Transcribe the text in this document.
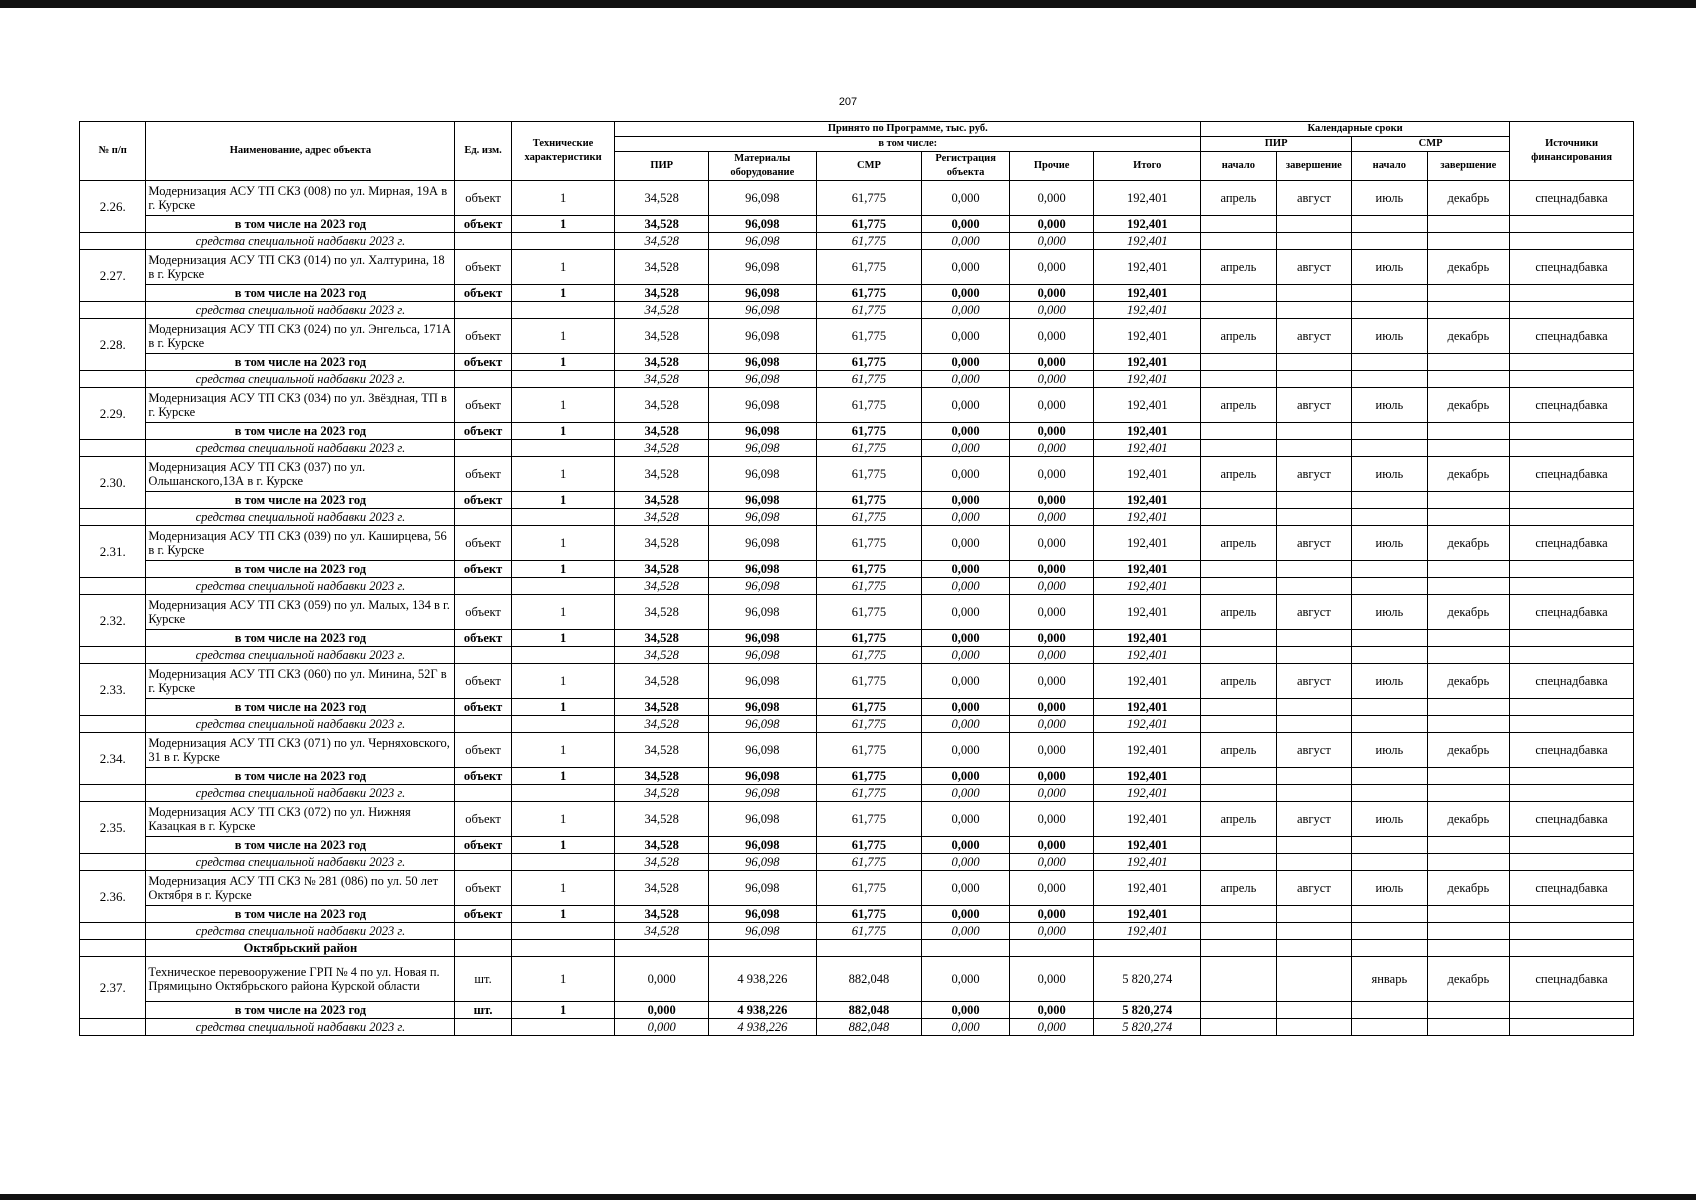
207
№ п/п	Наименование, адрес объекта	Ед. изм.	Технические характеристики	Принято по Программе, тыс. руб.						Календарные сроки				Источники финансирования
				в том числе:						ПИР		СМР		
				ПИР	Материалы оборудование	СМР	Регистрация объекта	Прочие	Итого	начало	завершение	начало	завершение	
2.26.	Модернизация АСУ ТП СКЗ (008) по ул. Мирная, 19А в г. Курске	объект	1	34,528	96,098	61,775	0,000	0,000	192,401	апрель	август	июль	декабрь	спецнадбавка
	в том числе на 2023 год	объект	1	34,528	96,098	61,775	0,000	0,000	192,401					
	средства специальной надбавки 2023 г.			34,528	96,098	61,775	0,000	0,000	192,401					
2.27.	Модернизация АСУ ТП СКЗ (014) по ул. Халтурина, 18 в г. Курске	объект	1	34,528	96,098	61,775	0,000	0,000	192,401	апрель	август	июль	декабрь	спецнадбавка
	в том числе на 2023 год	объект	1	34,528	96,098	61,775	0,000	0,000	192,401					
	средства специальной надбавки 2023 г.			34,528	96,098	61,775	0,000	0,000	192,401					
2.28.	Модернизация АСУ ТП СКЗ (024) по ул. Энгельса, 171А в г. Курске	объект	1	34,528	96,098	61,775	0,000	0,000	192,401	апрель	август	июль	декабрь	спецнадбавка
	в том числе на 2023 год	объект	1	34,528	96,098	61,775	0,000	0,000	192,401					
	средства специальной надбавки 2023 г.			34,528	96,098	61,775	0,000	0,000	192,401					
2.29.	Модернизация АСУ ТП СКЗ (034) по ул. Звёздная, ТП в г. Курске	объект	1	34,528	96,098	61,775	0,000	0,000	192,401	апрель	август	июль	декабрь	спецнадбавка
	в том числе на 2023 год	объект	1	34,528	96,098	61,775	0,000	0,000	192,401					
	средства специальной надбавки 2023 г.			34,528	96,098	61,775	0,000	0,000	192,401					
2.30.	Модернизация АСУ ТП СКЗ (037) по ул. Ольшанского,13А в г. Курске	объект	1	34,528	96,098	61,775	0,000	0,000	192,401	апрель	август	июль	декабрь	спецнадбавка
	в том числе на 2023 год	объект	1	34,528	96,098	61,775	0,000	0,000	192,401					
	средства специальной надбавки 2023 г.			34,528	96,098	61,775	0,000	0,000	192,401					
2.31.	Модернизация АСУ ТП СКЗ (039) по ул. Каширцева, 56 в г. Курске	объект	1	34,528	96,098	61,775	0,000	0,000	192,401	апрель	август	июль	декабрь	спецнадбавка
	в том числе на 2023 год	объект	1	34,528	96,098	61,775	0,000	0,000	192,401					
	средства специальной надбавки 2023 г.			34,528	96,098	61,775	0,000	0,000	192,401					
2.32.	Модернизация АСУ ТП СКЗ (059) по ул. Малых, 134 в г. Курске	объект	1	34,528	96,098	61,775	0,000	0,000	192,401	апрель	август	июль	декабрь	спецнадбавка
	в том числе на 2023 год	объект	1	34,528	96,098	61,775	0,000	0,000	192,401					
	средства специальной надбавки 2023 г.			34,528	96,098	61,775	0,000	0,000	192,401					
2.33.	Модернизация АСУ ТП СКЗ (060) по ул. Минина, 52Г в г. Курске	объект	1	34,528	96,098	61,775	0,000	0,000	192,401	апрель	август	июль	декабрь	спецнадбавка
	в том числе на 2023 год	объект	1	34,528	96,098	61,775	0,000	0,000	192,401					
	средства специальной надбавки 2023 г.			34,528	96,098	61,775	0,000	0,000	192,401					
2.34.	Модернизация АСУ ТП СКЗ (071) по ул. Черняховского, 31 в г. Курске	объект	1	34,528	96,098	61,775	0,000	0,000	192,401	апрель	август	июль	декабрь	спецнадбавка
	в том числе на 2023 год	объект	1	34,528	96,098	61,775	0,000	0,000	192,401					
	средства специальной надбавки 2023 г.			34,528	96,098	61,775	0,000	0,000	192,401					
2.35.	Модернизация АСУ ТП СКЗ (072) по ул. Нижняя Казацкая в г. Курске	объект	1	34,528	96,098	61,775	0,000	0,000	192,401	апрель	август	июль	декабрь	спецнадбавка
	в том числе на 2023 год	объект	1	34,528	96,098	61,775	0,000	0,000	192,401					
	средства специальной надбавки 2023 г.			34,528	96,098	61,775	0,000	0,000	192,401					
2.36.	Модернизация АСУ ТП СКЗ № 281 (086) по ул. 50 лет Октября в г. Курске	объект	1	34,528	96,098	61,775	0,000	0,000	192,401	апрель	август	июль	декабрь	спецнадбавка
	в том числе на 2023 год	объект	1	34,528	96,098	61,775	0,000	0,000	192,401					
	средства специальной надбавки 2023 г.			34,528	96,098	61,775	0,000	0,000	192,401					
	Октябрьский район													
2.37.	Техническое перевооружение ГРП № 4 по ул. Новая п. Прямицыно Октябрьского района Курской области	шт.	1	0,000	4 938,226	882,048	0,000	0,000	5 820,274			январь	декабрь	спецнадбавка
	в том числе на 2023 год	шт.	1	0,000	4 938,226	882,048	0,000	0,000	5 820,274					
	средства специальной надбавки 2023 г.			0,000	4 938,226	882,048	0,000	0,000	5 820,274					
